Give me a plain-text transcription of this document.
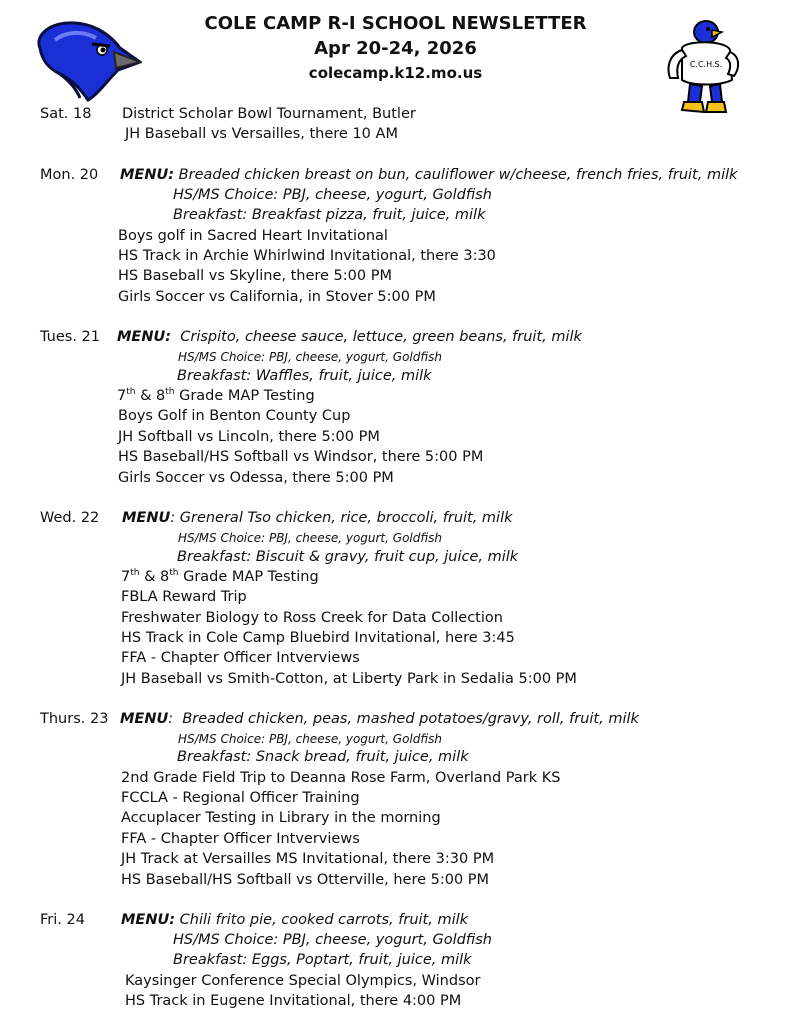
COLE CAMP R-I SCHOOL NEWSLETTER
Apr 20-24, 2026
colecamp.k12.mo.us	C.C.H.S.
Sat. 18 District Scholar Bowl Tournament, Butler
JH Baseball vs Versailles, there 10 AM
Mon. 20 MENU: Breaded chicken breast on bun, cauliflower w/cheese, french fries, fruit, milk
HS/MS Choice: PBJ, cheese, yogurt, Goldfish
Breakfast: Breakfast pizza, fruit, juice, milk
Boys golf in Sacred Heart Invitational
HS Track in Archie Whirlwind Invitational, there 3:30
HS Baseball vs Skyline, there 5:00 PM
Girls Soccer vs California, in Stover 5:00 PM
Tues. 21 MENU: Crispito, cheese sauce, lettuce, green beans, fruit, milk
HS/MS Choice: PBJ, cheese, yogurt, Goldfish
Breakfast: Waffles, fruit, juice, milk
7th & 8th Grade MAP Testing
Boys Golf in Benton County Cup
JH Softball vs Lincoln, there 5:00 PM
HS Baseball/HS Softball vs Windsor, there 5:00 PM
Girls Soccer vs Odessa, there 5:00 PM
Wed. 22 MENU: Greneral Tso chicken, rice, broccoli, fruit, milk
HS/MS Choice: PBJ, cheese, yogurt, Goldfish
Breakfast: Biscuit & gravy, fruit cup, juice, milk
7th & 8th Grade MAP Testing
FBLA Reward Trip
Freshwater Biology to Ross Creek for Data Collection
HS Track in Cole Camp Bluebird Invitational, here 3:45
FFA - Chapter Officer Intverviews
JH Baseball vs Smith-Cotton, at Liberty Park in Sedalia 5:00 PM
Thurs. 23 MENU:  Breaded chicken, peas, mashed potatoes/gravy, roll, fruit, milk
HS/MS Choice: PBJ, cheese, yogurt, Goldfish
Breakfast: Snack bread, fruit, juice, milk
2nd Grade Field Trip to Deanna Rose Farm, Overland Park KS
FCCLA - Regional Officer Training
Accuplacer Testing in Library in the morning
FFA - Chapter Officer Intverviews
JH Track at Versailles MS Invitational, there 3:30 PM
HS Baseball/HS Softball vs Otterville, here 5:00 PM
Fri. 24 MENU: Chili frito pie, cooked carrots, fruit, milk
HS/MS Choice: PBJ, cheese, yogurt, Goldfish
Breakfast: Eggs, Poptart, fruit, juice, milk
Kaysinger Conference Special Olympics, Windsor
HS Track in Eugene Invitational, there 4:00 PM
